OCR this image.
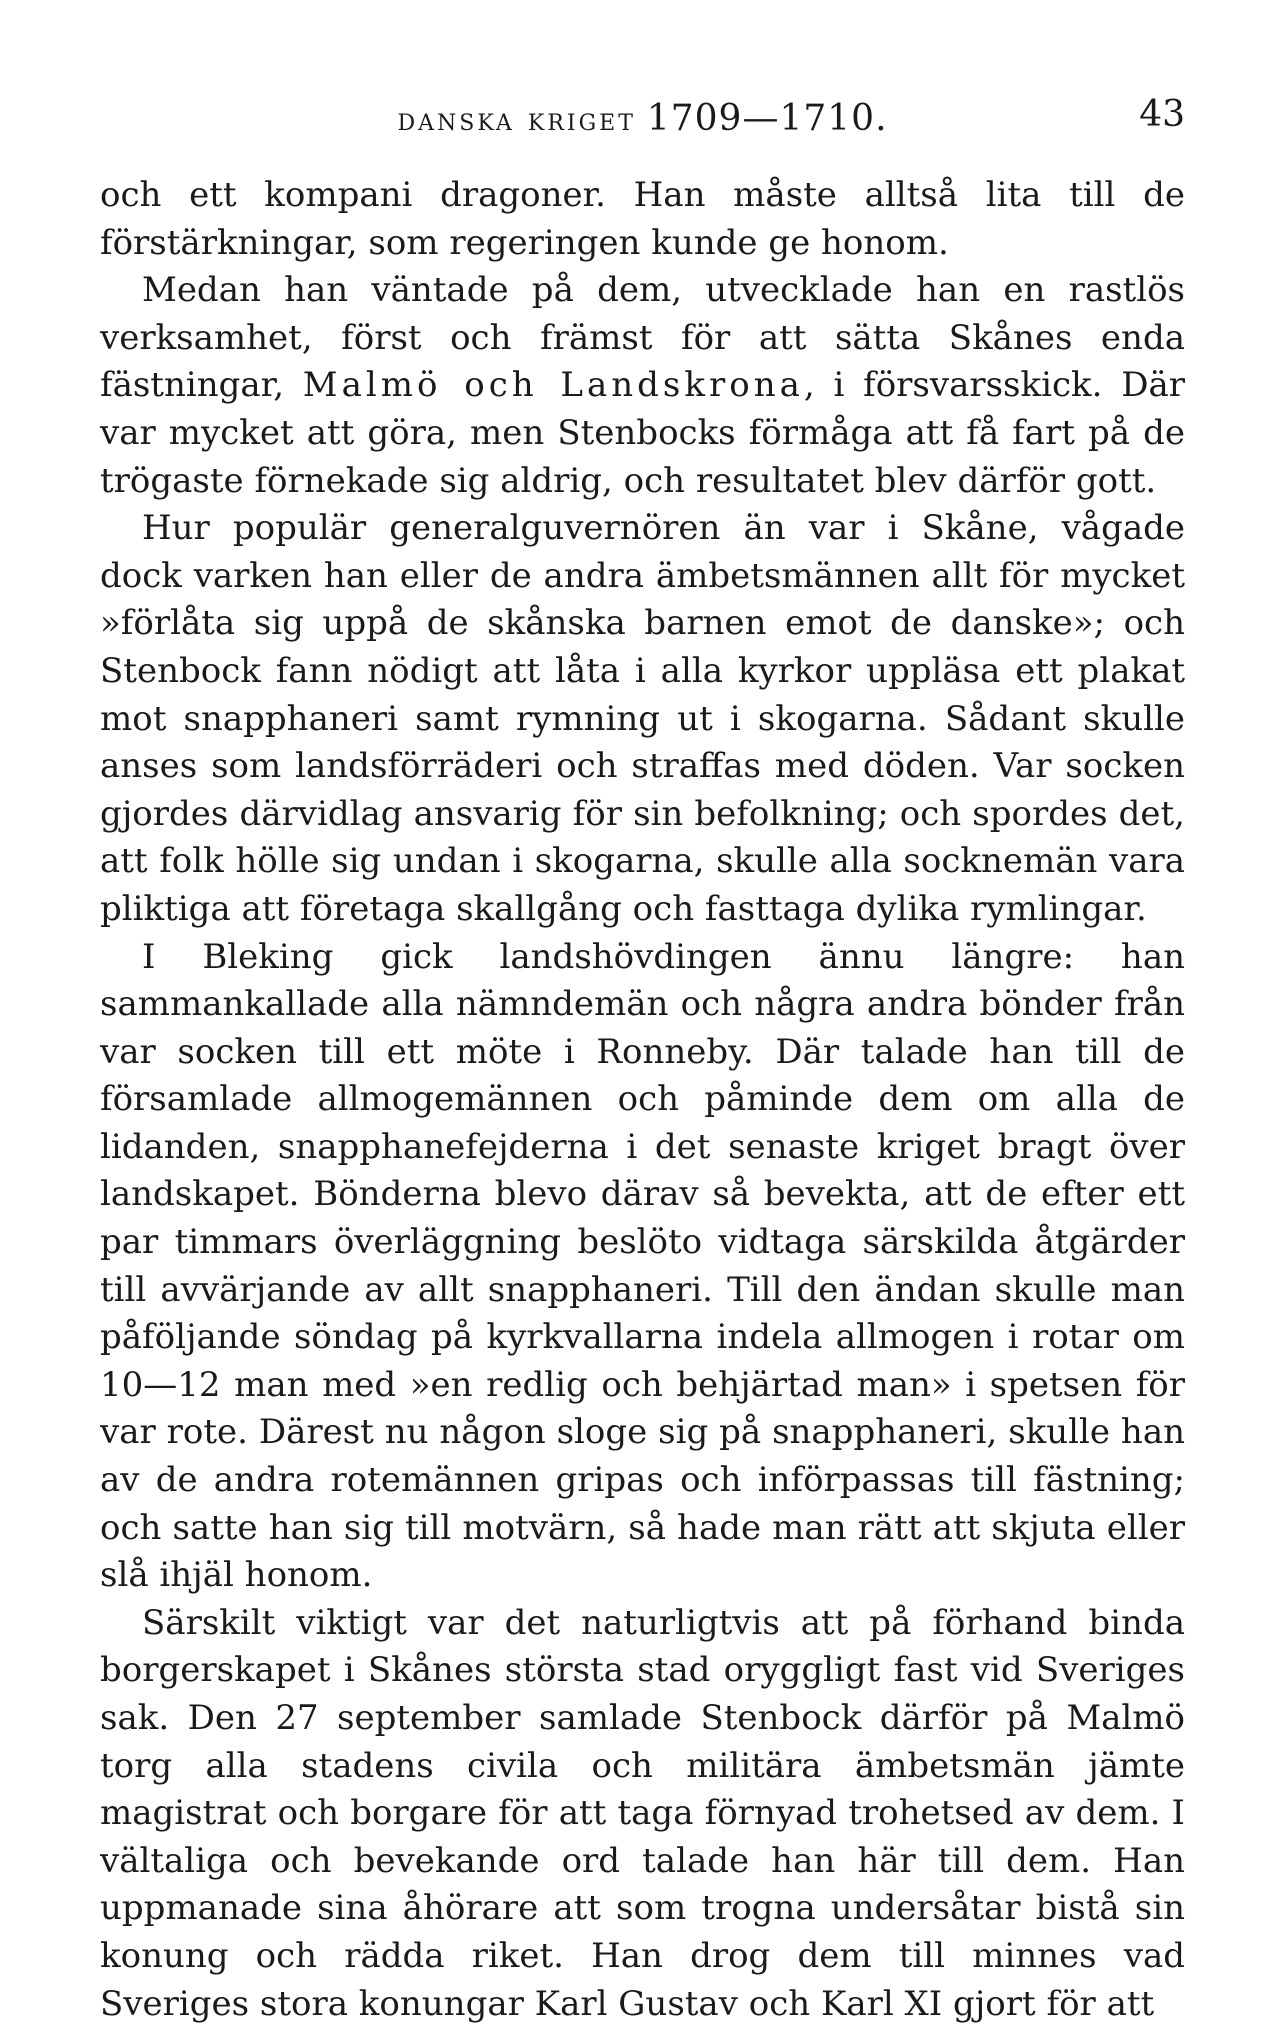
danska kriget 1709—1710.	43

och ett kompani dragoner. Han måste alltså lita till de förstärkningar, som regeringen kunde ge honom.

Medan han väntade på dem, utvecklade han en rastlös verksamhet, först och främst för att sätta Skånes enda fästningar, Malmö och Landskrona, i försvarsskick. Där var mycket att göra, men Stenbocks förmåga att få fart på de trögaste förnekade sig aldrig, och resultatet blev därför gott.

Hur populär generalguvernören än var i Skåne, vågade dock varken han eller de andra ämbetsmännen allt för mycket »förlåta sig uppå de skånska barnen emot de danske»; och Stenbock fann nödigt att låta i alla kyrkor uppläsa ett plakat mot snapphaneri samt rymning ut i skogarna. Sådant skulle anses som landsförräderi och straffas med döden. Var socken gjordes därvidlag ansvarig för sin befolkning; och spordes det, att folk hölle sig undan i skogarna, skulle alla socknemän vara pliktiga att företaga skallgång och fasttaga dylika rymlingar.

I Bleking gick landshövdingen ännu längre: han sammankallade alla nämndemän och några andra bönder från var socken till ett möte i Ronneby. Där talade han till de församlade allmogemännen och påminde dem om alla de lidanden, snapphanefejderna i det senaste kriget bragt över landskapet. Bönderna blevo därav så bevekta, att de efter ett par timmars överläggning beslöto vidtaga särskilda åtgärder till avvärjande av allt snapphaneri. Till den ändan skulle man påföljande söndag på kyrkvallarna indela allmogen i rotar om 10—12 man med »en redlig och behjärtad man» i spetsen för var rote. Därest nu någon sloge sig på snapphaneri, skulle han av de andra rotemännen gripas och införpassas till fästning; och satte han sig till motvärn, så hade man rätt att skjuta eller slå ihjäl honom.

Särskilt viktigt var det naturligtvis att på förhand binda borgerskapet i Skånes största stad oryggligt fast vid Sveriges sak. Den 27 september samlade Stenbock därför på Malmö torg alla stadens civila och militära ämbetsmän jämte magistrat och borgare för att taga förnyad trohetsed av dem. I vältaliga och bevekande ord talade han här till dem. Han uppmanade sina åhörare att som trogna undersåtar bistå sin konung och rädda riket. Han drog dem till minnes vad Sveriges stora konungar Karl Gustav och Karl XI gjort för att
